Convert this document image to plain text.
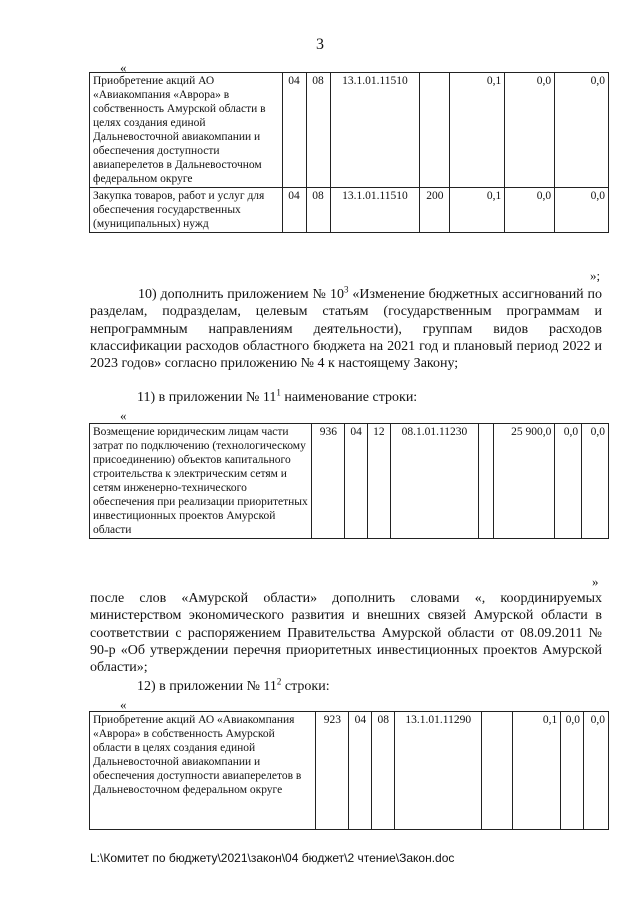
3
«
Приобретение акций АО «Авиакомпания «Аврора» в собственность Амурской области в целях создания единой Дальневосточной авиакомпании и обеспечения доступности авиаперелетов в Дальневосточном федеральном округе	04	08	13.1.01.11510		0,1	0,0	0,0
Закупка товаров, работ и услуг для обеспечения государственных (муниципальных) нужд	04	08	13.1.01.11510	200	0,1	0,0	0,0
»;
10) дополнить приложением № $10^3$ «Изменение бюджетных ассигнований по разделам, подразделам, целевым статьям (государственным программам и непрограммным направлениям деятельности), группам видов расходов классификации расходов областного бюджета на 2021 год и плановый период 2022 и 2023 годов» согласно приложению № 4 к настоящему Закону;
11) в приложении № $11^1$ наименование строки:
«
Возмещение юридическим лицам части затрат по подключению (технологическому присоединению) объектов капитального строительства к электрическим сетям и сетям инженерно-технического обеспечения при реализации приоритетных инвестиционных проектов Амурской области	936	04	12	08.1.01.11230		25 900,0	0,0	0,0
»
после слов «Амурской области» дополнить словами «, координируемых министерством экономического развития и внешних связей Амурской области в соответствии с распоряжением Правительства Амурской области от 08.09.2011 № 90-р «Об утверждении перечня приоритетных инвестиционных проектов Амурской области»;
12) в приложении № $11^2$ строки:
«
Приобретение акций АО «Авиакомпания «Аврора» в собственность Амурской области в целях создания единой Дальневосточной авиакомпании и обеспечения доступности авиаперелетов в Дальневосточном федеральном округе	923	04	08	13.1.01.11290		0,1	0,0	0,0
L:\Комитет по бюджету\2021\закон\04 бюджет\2 чтение\Закон.doc
